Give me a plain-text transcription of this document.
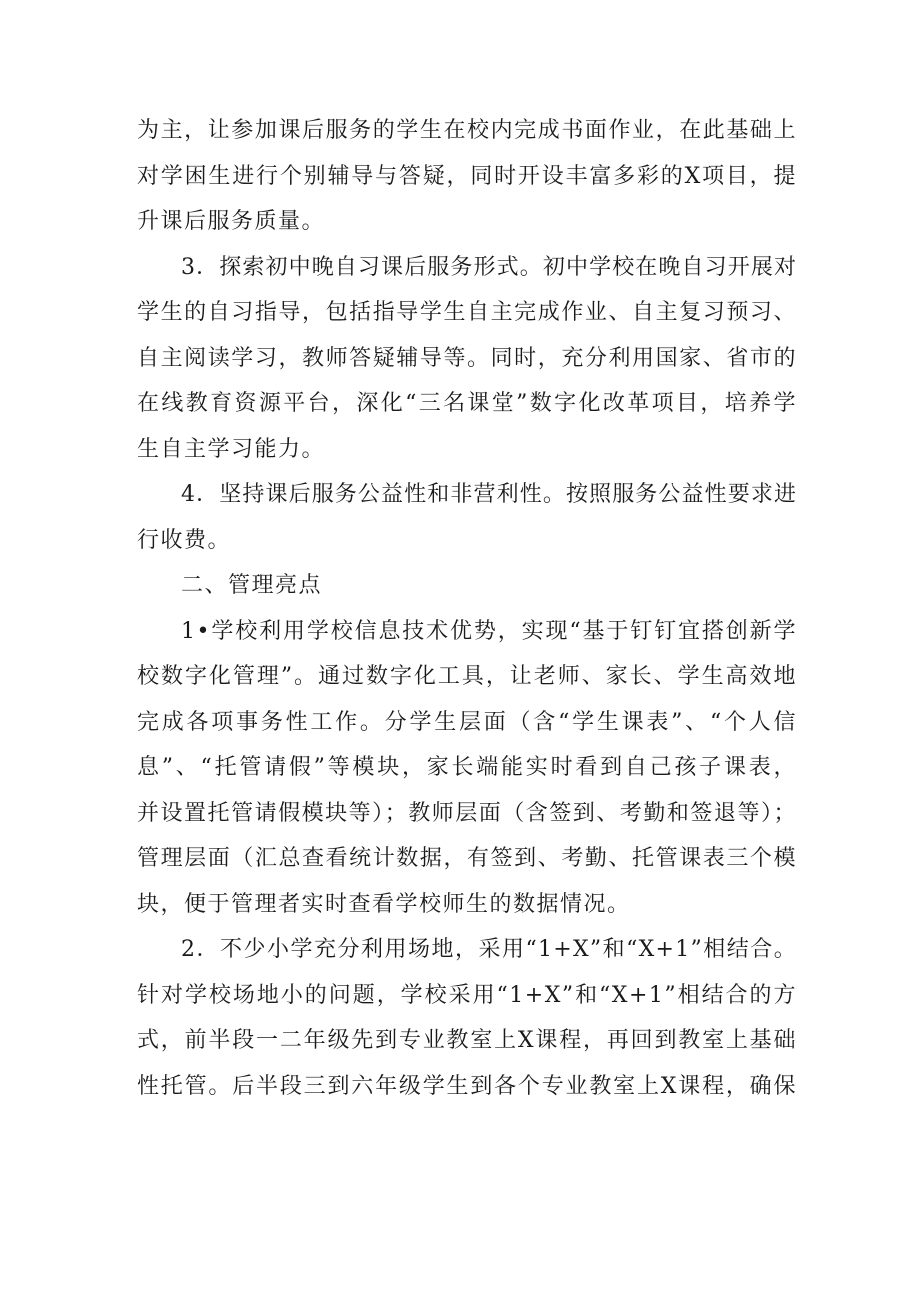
为主，让参加课后服务的学生在校内完成书面作业，在此基础上
对学困生进行个别辅导与答疑，同时开设丰富多彩的X项目，提
升课后服务质量。
3．探索初中晚自习课后服务形式。初中学校在晚自习开展对
学生的自习指导，包括指导学生自主完成作业、自主复习预习、
自主阅读学习，教师答疑辅导等。同时，充分利用国家、省市的
在线教育资源平台，深化“三名课堂”数字化改革项目，培养学
生自主学习能力。
4．坚持课后服务公益性和非营利性。按照服务公益性要求进
行收费。
二、管理亮点
1•学校利用学校信息技术优势，实现“基于钉钉宜搭创新学
校数字化管理”。通过数字化工具，让老师、家长、学生高效地
完成各项事务性工作。分学生层面（含“学生课表”、“个人信
息”、“托管请假”等模块，家长端能实时看到自己孩子课表，
并设置托管请假模块等）；教师层面（含签到、考勤和签退等）；
管理层面（汇总查看统计数据，有签到、考勤、托管课表三个模
块，便于管理者实时查看学校师生的数据情况。
2．不少小学充分利用场地，采用“1+X”和“X+1”相结合。
针对学校场地小的问题，学校采用“1+X”和“X+1”相结合的方
式，前半段一二年级先到专业教室上X课程，再回到教室上基础
性托管。后半段三到六年级学生到各个专业教室上X课程，确保
